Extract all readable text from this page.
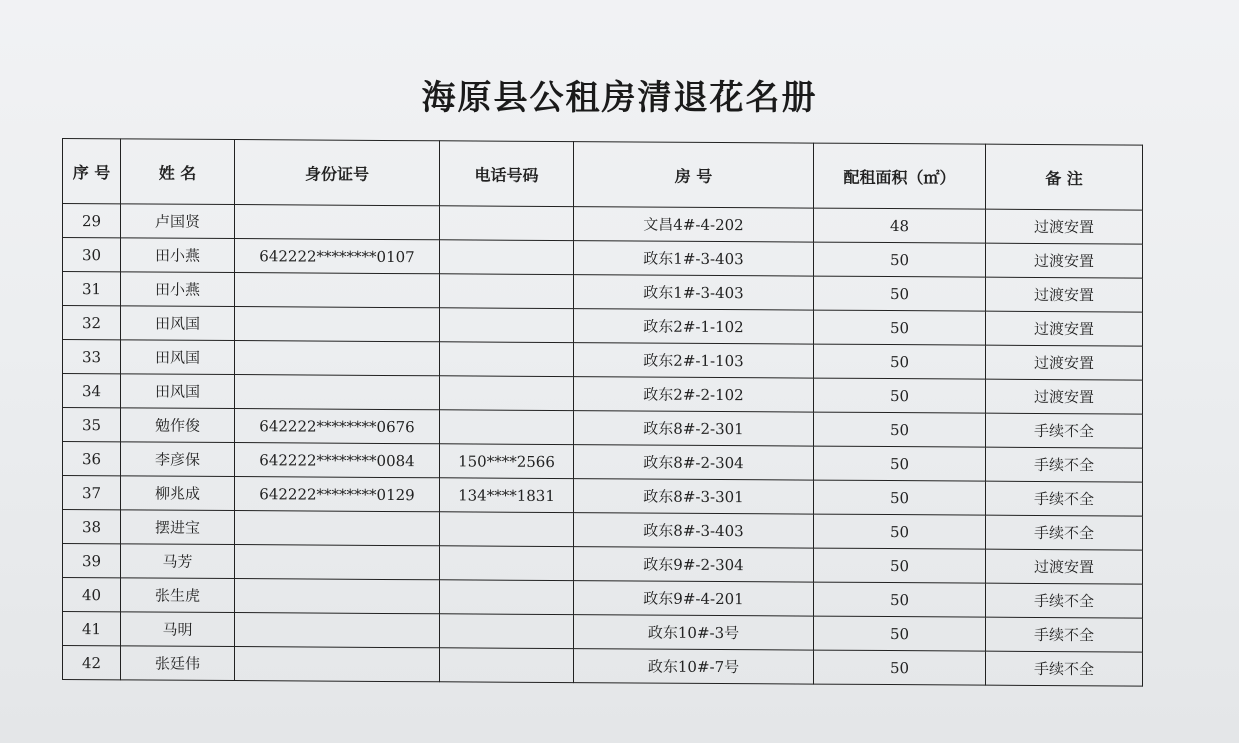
海原县公租房清退花名册
序 号	姓 名	身份证号	电话号码	房 号	配租面积（㎡）	备 注
29	卢国贤			文昌4#-4-202	48	过渡安置
30	田小燕	642222********0107		政东1#-3-403	50	过渡安置
31	田小燕			政东1#-3-403	50	过渡安置
32	田风国			政东2#-1-102	50	过渡安置
33	田风国			政东2#-1-103	50	过渡安置
34	田风国			政东2#-2-102	50	过渡安置
35	勉作俊	642222********0676		政东8#-2-301	50	手续不全
36	李彦保	642222********0084	150****2566	政东8#-2-304	50	手续不全
37	柳兆成	642222********0129	134****1831	政东8#-3-301	50	手续不全
38	摆进宝			政东8#-3-403	50	手续不全
39	马芳			政东9#-2-304	50	过渡安置
40	张生虎			政东9#-4-201	50	手续不全
41	马明			政东10#-3号	50	手续不全
42	张廷伟			政东10#-7号	50	手续不全
